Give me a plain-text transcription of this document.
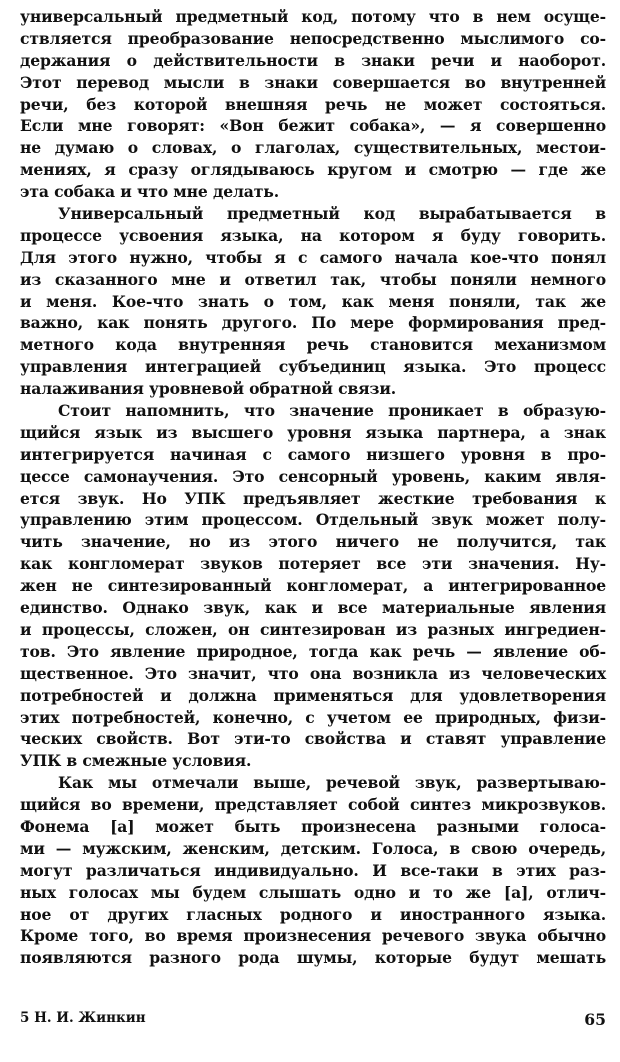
универсальный предметный код, потому что в нем осуще-
ствляется преобразование непосредственно мыслимого со-
держания о действительности в знаки речи и наоборот.
Этот перевод мысли в знаки совершается во внутренней
речи, без которой внешняя речь не может состояться.
Если мне говорят: «Вон бежит собака», — я совершенно
не думаю о словах, о глаголах, существительных, местои-
мениях, я сразу оглядываюсь кругом и смотрю — где же
эта собака и что мне делать.
Универсальный предметный код вырабатывается в
процессе усвоения языка, на котором я буду говорить.
Для этого нужно, чтобы я с самого начала кое-что понял
из сказанного мне и ответил так, чтобы поняли немного
и меня. Кое-что знать о том, как меня поняли, так же
важно, как понять другого. По мере формирования пред-
метного кода внутренняя речь становится механизмом
управления интеграцией субъединиц языка. Это процесс
налаживания уровневой обратной связи.
Стоит напомнить, что значение проникает в образую-
щийся язык из высшего уровня языка партнера, а знак
интегрируется начиная с самого низшего уровня в про-
цессе самонаучения. Это сенсорный уровень, каким явля-
ется звук. Но УПК предъявляет жесткие требования к
управлению этим процессом. Отдельный звук может полу-
чить значение, но из этого ничего не получится, так
как конгломерат звуков потеряет все эти значения. Ну-
жен не синтезированный конгломерат, а интегрированное
единство. Однако звук, как и все материальные явления
и процессы, сложен, он синтезирован из разных ингредиен-
тов. Это явление природное, тогда как речь — явление об-
щественное. Это значит, что она возникла из человеческих
потребностей и должна применяться для удовлетворения
этих потребностей, конечно, с учетом ее природных, физи-
ческих свойств. Вот эти-то свойства и ставят управление
УПК в смежные условия.
Как мы отмечали выше, речевой звук, развертываю-
щийся во времени, представляет собой синтез микрозвуков.
Фонема [а] может быть произнесена разными голоса-
ми — мужским, женским, детским. Голоса, в свою очередь,
могут различаться индивидуально. И все-таки в этих раз-
ных голосах мы будем слышать одно и то же [а], отлич-
ное от других гласных родного и иностранного языка.
Кроме того, во время произнесения речевого звука обычно
появляются разного рода шумы, которые будут мешать
5 Н. И. Жинкин	65
